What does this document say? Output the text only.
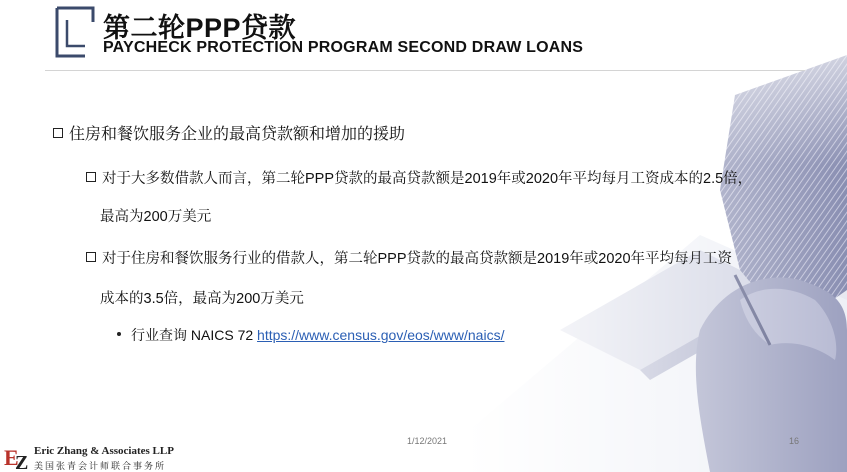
第二轮PPP贷款
PAYCHECK PROTECTION PROGRAM SECOND DRAW LOANS
住房和餐饮服务企业的最高贷款额和增加的援助
对于大多数借款人而言，第二轮PPP贷款的最高贷款额是2019年或2020年平均每月工资成本的2.5倍，
最高为200万美元
对于住房和餐饮服务行业的借款人，第二轮PPP贷款的最高贷款额是2019年或2020年平均每月工资
成本的3.5倍，最高为200万美元
行业查询 NAICS 72 https://www.census.gov/eos/www/naics/
E
Z
Eric Zhang & Associates LLP
美国张青会计师联合事务所
1/12/2021	16
